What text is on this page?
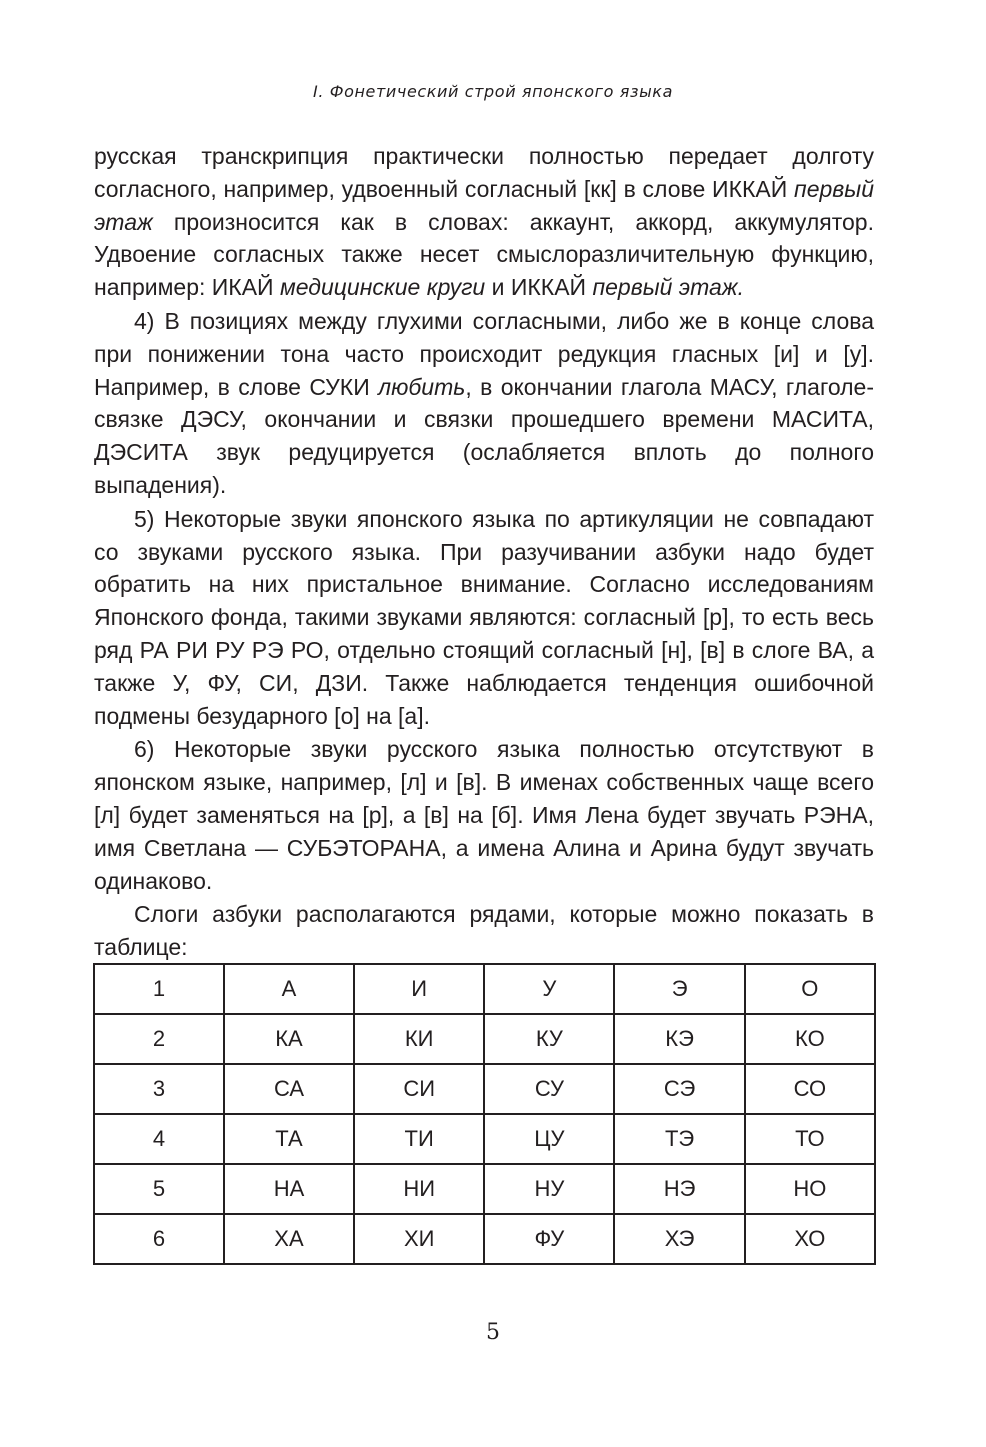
I. Фонетический строй японского языка

русская транскрипция практически полностью передает долготу согласного, например, удвоенный согласный [кк] в слове ИККАЙ первый этаж произносится как в словах: аккаунт, аккорд, аккумулятор. Удвоение согласных также несет смыслоразличительную функцию, например: ИКАЙ медицинские круги и ИККАЙ первый этаж.

4) В позициях между глухими согласными, либо же в конце слова при понижении тона часто происходит редукция гласных [и] и [у]. Например, в слове СУКИ любить, в окончании глагола МАСУ, глаголе-связке ДЭСУ, окончании и связки прошедшего времени МАСИТА, ДЭСИТА звук редуцируется (ослабляется вплоть до полного выпадения).

5) Некоторые звуки японского языка по артикуляции не совпадают со звуками русского языка. При разучивании азбуки надо будет обратить на них пристальное внимание. Согласно исследованиям Японского фонда, такими звуками являются: согласный [р], то есть весь ряд РА РИ РУ РЭ РО, отдельно стоящий согласный [н], [в] в слоге ВА, а также У, ФУ, СИ, ДЗИ. Также наблюдается тенденция ошибочной подмены безударного [о] на [а].

6) Некоторые звуки русского языка полностью отсутствуют в японском языке, например, [л] и [в]. В именах собственных чаще всего [л] будет заменяться на [р], а [в] на [б]. Имя Лена будет звучать РЭНА, имя Светлана — СУБЭТОРАНА, а имена Алина и Арина будут звучать одинаково.

Слоги азбуки располагаются рядами, которые можно показать в таблице:

1	А	И	У	Э	О
2	КА	КИ	КУ	КЭ	КО
3	СА	СИ	СУ	СЭ	СО
4	ТА	ТИ	ЦУ	ТЭ	ТО
5	НА	НИ	НУ	НЭ	НО
6	ХА	ХИ	ФУ	ХЭ	ХО
5
